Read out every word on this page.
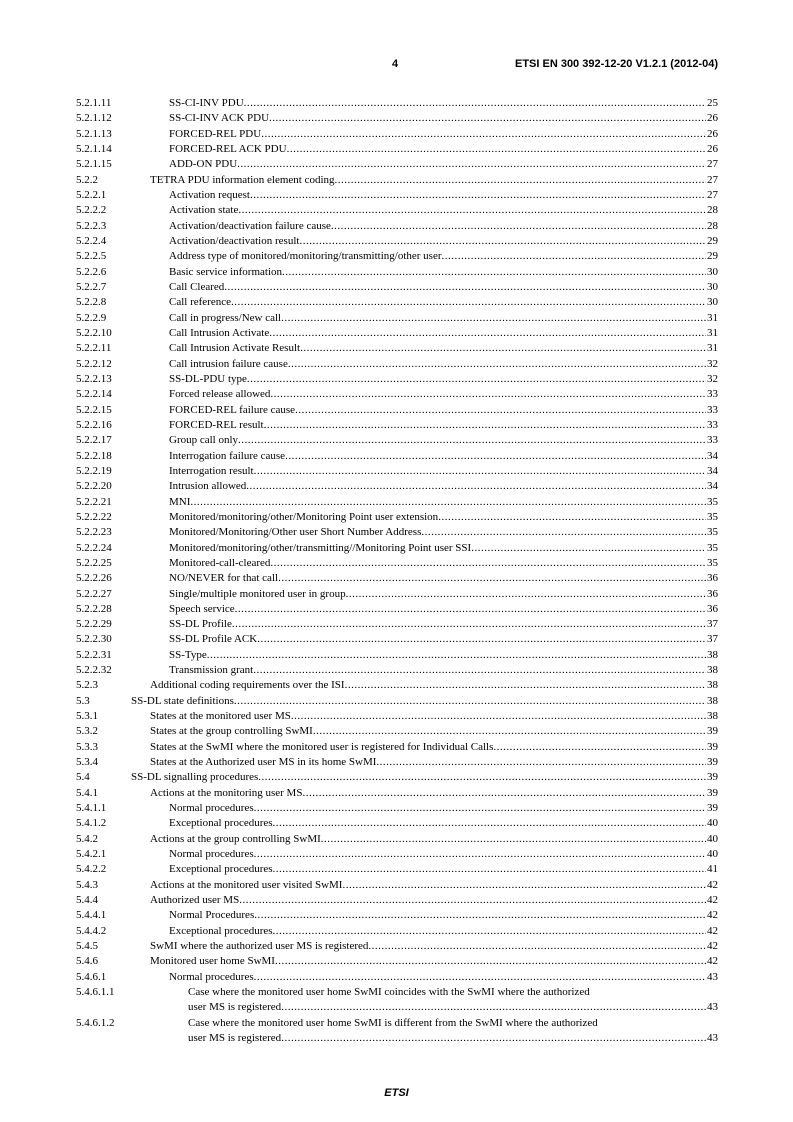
4	ETSI EN 300 392-12-20 V1.2.1 (2012-04)
5.2.1.11	SS-CI-INV PDU .....	25
5.2.1.12	SS-CI-INV ACK PDU .....	26
5.2.1.13	FORCED-REL PDU .....	26
5.2.1.14	FORCED-REL ACK PDU .....	26
5.2.1.15	ADD-ON PDU .....	27
5.2.2	TETRA PDU information element coding .....	27
5.2.2.1	Activation request .....	27
5.2.2.2	Activation state .....	28
5.2.2.3	Activation/deactivation failure cause .....	28
5.2.2.4	Activation/deactivation result .....	29
5.2.2.5	Address type of monitored/monitoring/transmitting/other user .....	29
5.2.2.6	Basic service information .....	30
5.2.2.7	Call Cleared .....	30
5.2.2.8	Call reference .....	30
5.2.2.9	Call in progress/New call .....	31
5.2.2.10	Call Intrusion Activate .....	31
5.2.2.11	Call Intrusion Activate Result .....	31
5.2.2.12	Call intrusion failure cause .....	32
5.2.2.13	SS-DL-PDU type .....	32
5.2.2.14	Forced release allowed .....	33
5.2.2.15	FORCED-REL failure cause .....	33
5.2.2.16	FORCED-REL result .....	33
5.2.2.17	Group call only .....	33
5.2.2.18	Interrogation failure cause .....	34
5.2.2.19	Interrogation result .....	34
5.2.2.20	Intrusion allowed .....	34
5.2.2.21	MNI .....	35
5.2.2.22	Monitored/monitoring/other/Monitoring Point user extension .....	35
5.2.2.23	Monitored/Monitoring/Other user Short Number Address .....	35
5.2.2.24	Monitored/monitoring/other/transmitting//Monitoring Point user SSI .....	35
5.2.2.25	Monitored-call-cleared .....	35
5.2.2.26	NO/NEVER for that call .....	36
5.2.2.27	Single/multiple monitored user in group .....	36
5.2.2.28	Speech service .....	36
5.2.2.29	SS-DL Profile .....	37
5.2.2.30	SS-DL Profile ACK .....	37
5.2.2.31	SS-Type .....	38
5.2.2.32	Transmission grant .....	38
5.2.3	Additional coding requirements over the ISI .....	38
5.3	SS-DL state definitions .....	38
5.3.1	States at the monitored user MS .....	38
5.3.2	States at the group controlling SwMI .....	39
5.3.3	States at the SwMI where the monitored user is registered for Individual Calls .....	39
5.3.4	States at the Authorized user MS in its home SwMI .....	39
5.4	SS-DL signalling procedures .....	39
5.4.1	Actions at the monitoring user MS .....	39
5.4.1.1	Normal procedures .....	39
5.4.1.2	Exceptional procedures .....	40
5.4.2	Actions at the group controlling SwMI .....	40
5.4.2.1	Normal procedures .....	40
5.4.2.2	Exceptional procedures .....	41
5.4.3	Actions at the monitored user visited SwMI .....	42
5.4.4	Authorized user MS .....	42
5.4.4.1	Normal Procedures .....	42
5.4.4.2	Exceptional procedures .....	42
5.4.5	SwMI where the authorized user MS is registered .....	42
5.4.6	Monitored user home SwMI .....	42
5.4.6.1	Normal procedures .....	43
5.4.6.1.1	Case where the monitored user home SwMI coincides with the SwMI where the authorized
user MS is registered .....	43
5.4.6.1.2	Case where the monitored user home SwMI is different from the SwMI where the authorized
user MS is registered .....	43
ETSI
